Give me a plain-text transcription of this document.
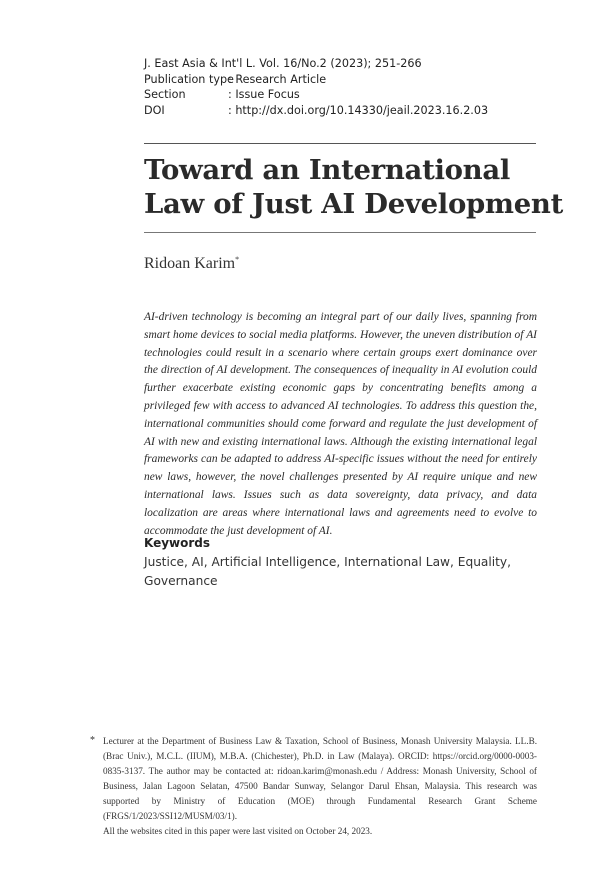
J. East Asia & Int'l L. Vol. 16/No.2 (2023); 251-266
Publication type: Research Article
Section	: Issue Focus
DOI	: http://dx.doi.org/10.14330/jeail.2023.16.2.03
Toward an International
Law of Just AI Development
Ridoan Karim*
AI-driven technology is becoming an integral part of our daily lives, spanning from smart home devices to social media platforms. However, the uneven distribution of AI technologies could result in a scenario where certain groups exert dominance over the direction of AI development. The consequences of inequality in AI evolution could further exacerbate existing economic gaps by concentrating benefits among a privileged few with access to advanced AI technologies. To address this question the, international communities should come forward and regulate the just development of AI with new and existing international laws. Although the existing international legal frameworks can be adapted to address AI-specific issues without the need for entirely new laws, however, the novel challenges presented by AI require unique and new international laws. Issues such as data sovereignty, data privacy, and data localization are areas where international laws and agreements need to evolve to accommodate the just development of AI.
Keywords
Justice, AI, Artificial Intelligence, International Law, Equality, Governance
* Lecturer at the Department of Business Law & Taxation, School of Business, Monash University Malaysia. LL.B. (Brac Univ.), M.C.L. (IIUM), M.B.A. (Chichester), Ph.D. in Law (Malaya). ORCID: https://orcid.org/0000-0003-0835-3137. The author may be contacted at: ridoan.karim@monash.edu / Address: Monash University, School of Business, Jalan Lagoon Selatan, 47500 Bandar Sunway, Selangor Darul Ehsan, Malaysia. This research was supported by Ministry of Education (MOE) through Fundamental Research Grant Scheme (FRGS/1/2023/SSI12/MUSM/03/1).
All the websites cited in this paper were last visited on October 24, 2023.
